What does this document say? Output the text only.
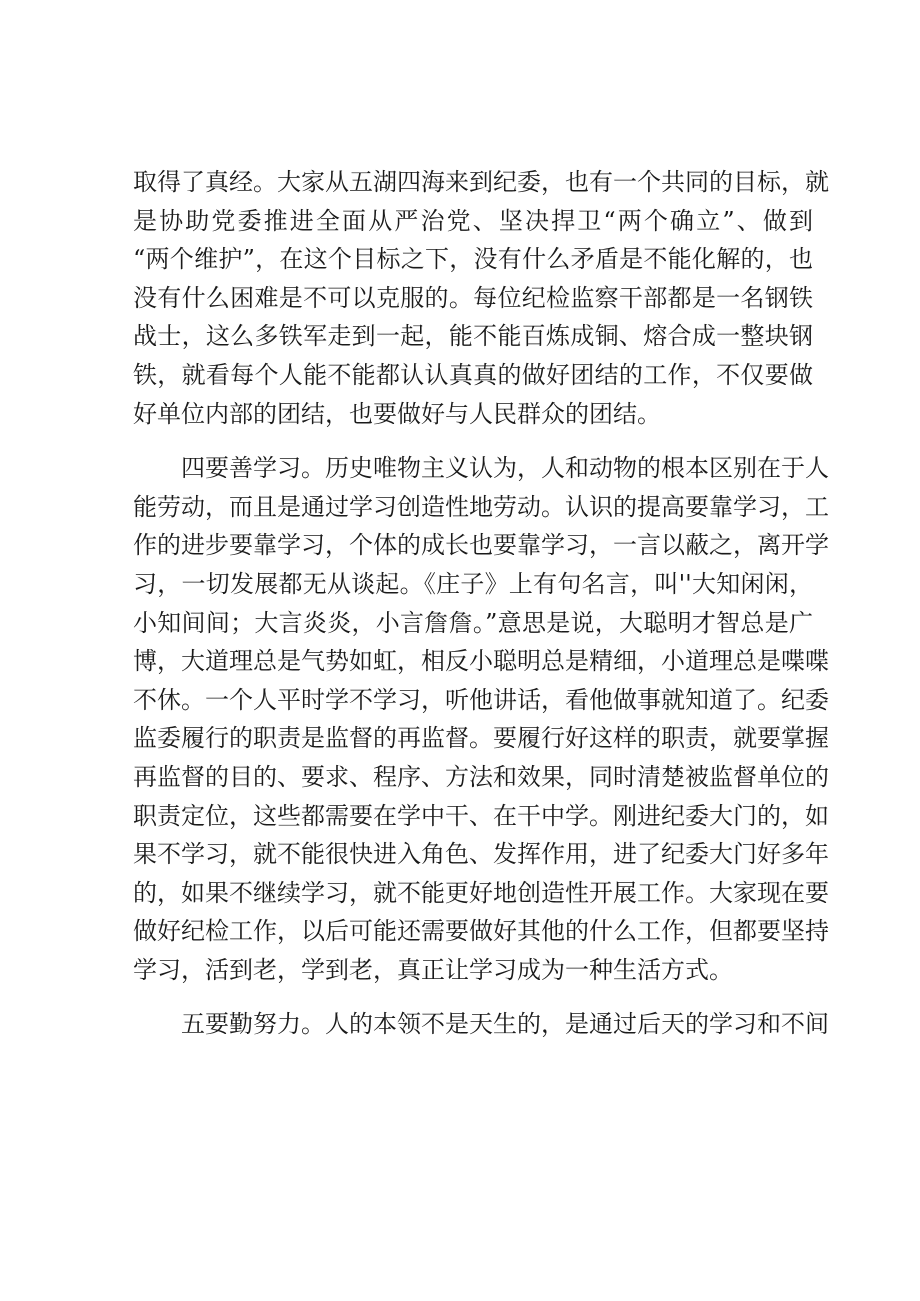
取得了真经。大家从五湖四海来到纪委，也有一个共同的目标，就
是协助党委推进全面从严治党、坚决捍卫“两个确立”、做到
“两个维护”，在这个目标之下，没有什么矛盾是不能化解的，也
没有什么困难是不可以克服的。每位纪检监察干部都是一名钢铁
战士，这么多铁军走到一起，能不能百炼成铜、熔合成一整块钢
铁，就看每个人能不能都认认真真的做好团结的工作，不仅要做
好单位内部的团结，也要做好与人民群众的团结。
四要善学习。历史唯物主义认为，人和动物的根本区别在于人
能劳动，而且是通过学习创造性地劳动。认识的提高要靠学习，工
作的进步要靠学习，个体的成长也要靠学习，一言以蔽之，离开学
习，一切发展都无从谈起。《庄子》上有句名言，叫''大知闲闲，
小知间间；大言炎炎，小言詹詹。”意思是说，大聪明才智总是广
博，大道理总是气势如虹，相反小聪明总是精细，小道理总是喋喋
不休。一个人平时学不学习，听他讲话，看他做事就知道了。纪委
监委履行的职责是监督的再监督。要履行好这样的职责，就要掌握
再监督的目的、要求、程序、方法和效果，同时清楚被监督单位的
职责定位，这些都需要在学中干、在干中学。刚进纪委大门的，如
果不学习，就不能很快进入角色、发挥作用，进了纪委大门好多年
的，如果不继续学习，就不能更好地创造性开展工作。大家现在要
做好纪检工作，以后可能还需要做好其他的什么工作，但都要坚持
学习，活到老，学到老，真正让学习成为一种生活方式。
五要勤努力。人的本领不是天生的，是通过后天的学习和不间
